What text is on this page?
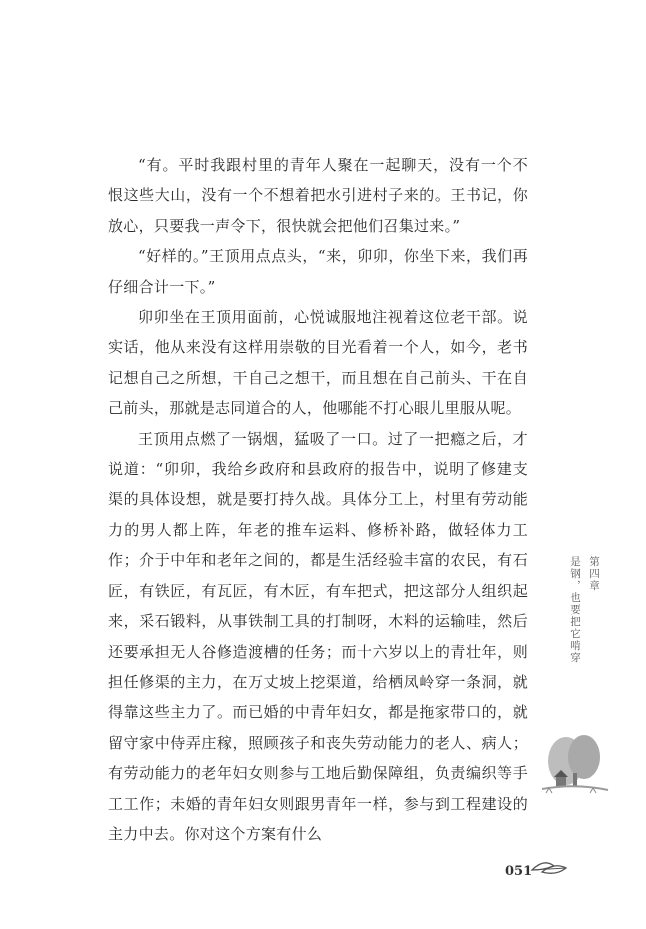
“有。平时我跟村里的青年人聚在一起聊天，没有一个不恨这些大山，没有一个不想着把水引进村子来的。王书记，你放心，只要我一声令下，很快就会把他们召集过来。”

“好样的。”王顶用点点头，“来，卯卯，你坐下来，我们再仔细合计一下。”

卯卯坐在王顶用面前，心悦诚服地注视着这位老干部。说实话，他从来没有这样用崇敬的目光看着一个人，如今，老书记想自己之所想，干自己之想干，而且想在自己前头、干在自己前头，那就是志同道合的人，他哪能不打心眼儿里服从呢。

王顶用点燃了一锅烟，猛吸了一口。过了一把瘾之后，才说道：“卯卯，我给乡政府和县政府的报告中，说明了修建支渠的具体设想，就是要打持久战。具体分工上，村里有劳动能力的男人都上阵，年老的推车运料、修桥补路，做轻体力工作；介于中年和老年之间的，都是生活经验丰富的农民，有石匠，有铁匠，有瓦匠，有木匠，有车把式，把这部分人组织起来，采石锻料，从事铁制工具的打制呀，木料的运输哇，然后还要承担无人谷修造渡槽的任务；而十六岁以上的青壮年，则担任修渠的主力，在万丈坡上挖渠道，给栖凤岭穿一条洞，就得靠这些主力了。而已婚的中青年妇女，都是拖家带口的，就留守家中侍弄庄稼，照顾孩子和丧失劳动能力的老人、病人；有劳动能力的老年妇女则参与工地后勤保障组，负责编织等手工工作；未婚的青年妇女则跟男青年一样，参与到工程建设的主力中去。你对这个方案有什么

第四章
是钢，也要把它啃穿
051
